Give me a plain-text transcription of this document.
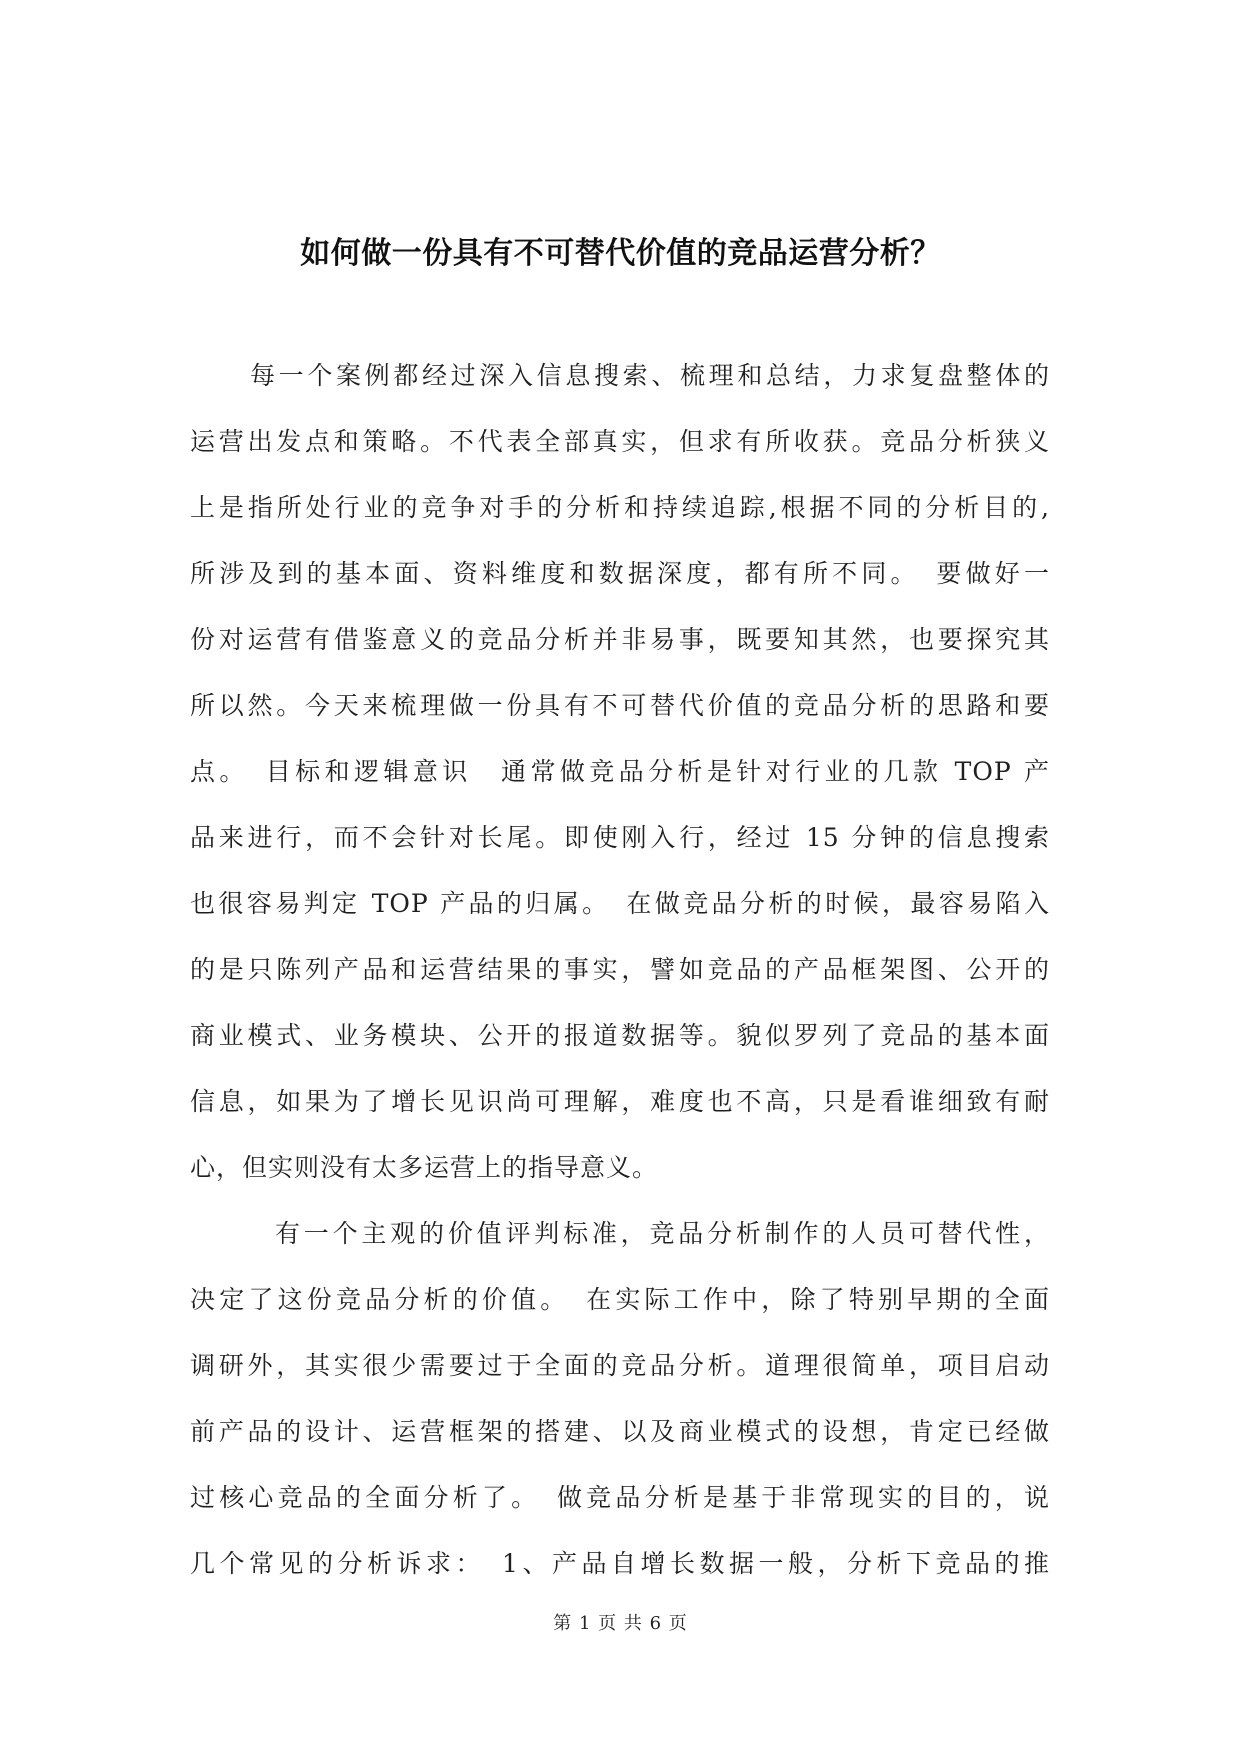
如何做一份具有不可替代价值的竞品运营分析？
每一个案例都经过深入信息搜索、梳理和总结，力求复盘整体的
运营出发点和策略。不代表全部真实，但求有所收获。竞品分析狭义
上是指所处行业的竞争对手的分析和持续追踪,根据不同的分析目的,
所涉及到的基本面、资料维度和数据深度，都有所不同。　要做好一
份对运营有借鉴意义的竞品分析并非易事，既要知其然，也要探究其
所以然。今天来梳理做一份具有不可替代价值的竞品分析的思路和要
点。　目标和逻辑意识　通常做竞品分析是针对行业的几款 TOP 产
品来进行，而不会针对长尾。即使刚入行，经过 15 分钟的信息搜索
也很容易判定 TOP 产品的归属。　在做竞品分析的时候，最容易陷入
的是只陈列产品和运营结果的事实，譬如竞品的产品框架图、公开的
商业模式、业务模块、公开的报道数据等。貌似罗列了竞品的基本面
信息，如果为了增长见识尚可理解，难度也不高，只是看谁细致有耐
心，但实则没有太多运营上的指导意义。
有一个主观的价值评判标准，竞品分析制作的人员可替代性，
决定了这份竞品分析的价值。　在实际工作中，除了特别早期的全面
调研外，其实很少需要过于全面的竞品分析。道理很简单，项目启动
前产品的设计、运营框架的搭建、以及商业模式的设想，肯定已经做
过核心竞品的全面分析了。　做竞品分析是基于非常现实的目的，说
几个常见的分析诉求：　1、产品自增长数据一般，分析下竞品的推
第 1 页 共 6 页
